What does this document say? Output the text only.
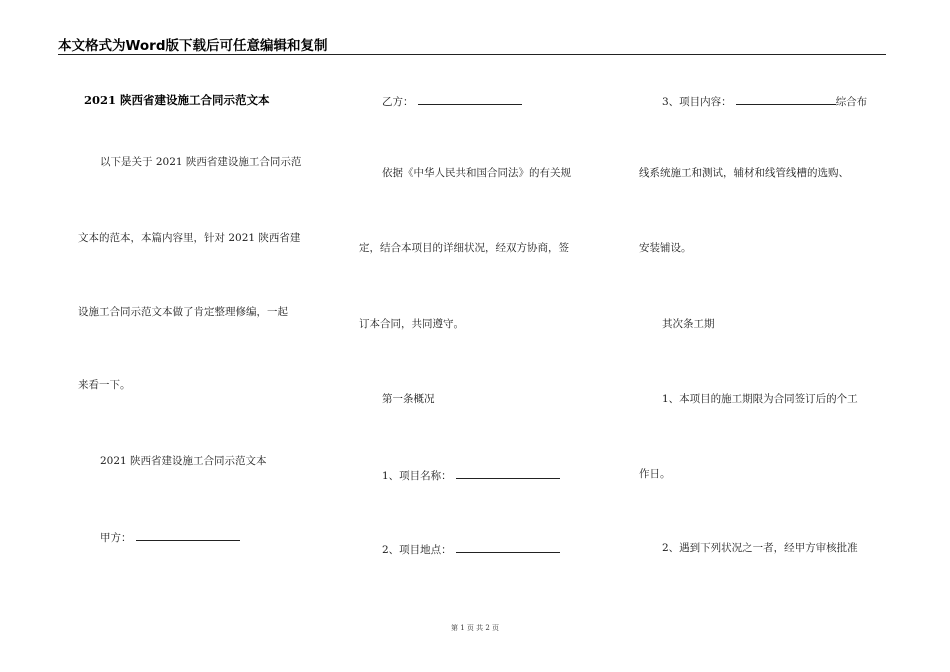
本文格式为Word版下载后可任意编辑和复制
2021 陕西省建设施工合同示范文本
以下是关于 2021 陕西省建设施工合同示范
文本的范本，本篇内容里，针对 2021 陕西省建
设施工合同示范文本做了肯定整理修编，一起
来看一下。
2021 陕西省建设施工合同示范文本
甲方：
乙方：
依据《中华人民共和国合同法》的有关规
定，结合本项目的详细状况，经双方协商，签
订本合同，共同遵守。
第一条概况
1、项目名称：
2、项目地点：
3、项目内容：	综合布
线系统施工和测试，辅材和线管线槽的选购、
安装铺设。
其次条工期
1、本项目的施工期限为合同签订后的个工
作日。
2、遇到下列状况之一者，经甲方审核批准
第 1 页 共 2 页
